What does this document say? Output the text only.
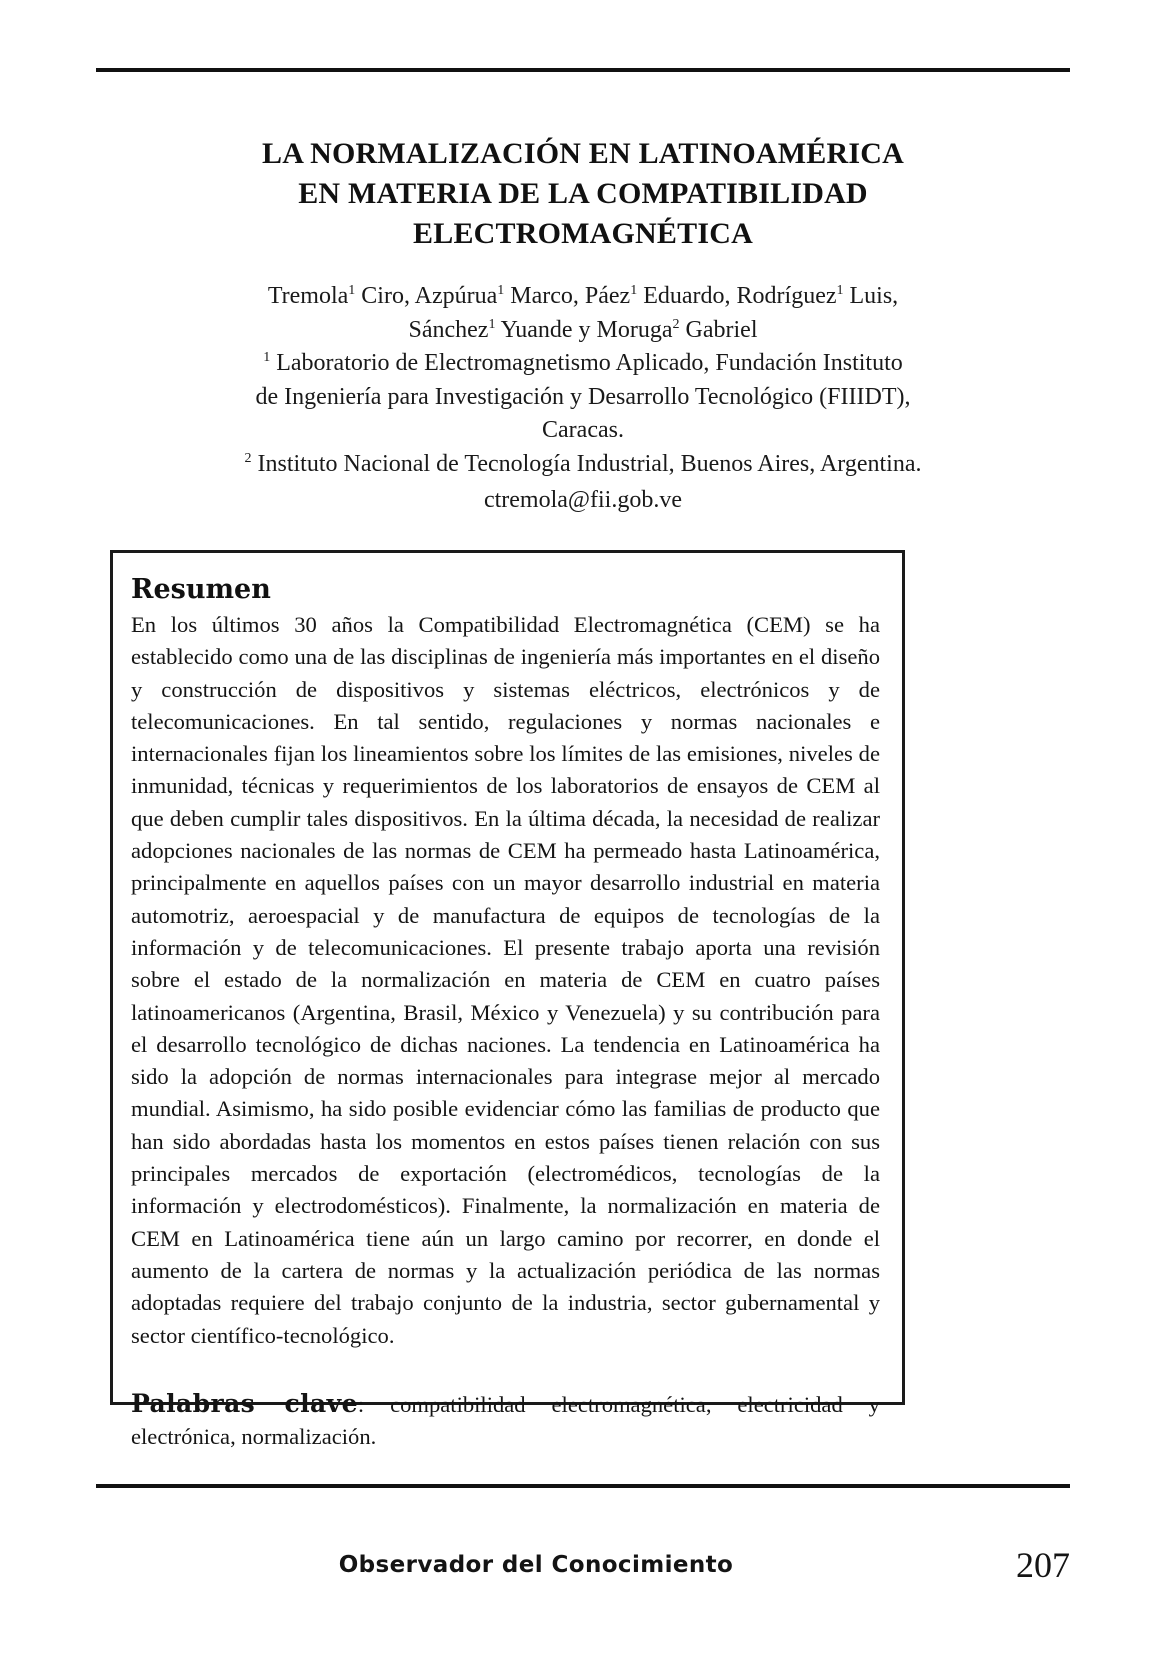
LA NORMALIZACIÓN EN LATINOAMÉRICA
EN MATERIA DE LA COMPATIBILIDAD
ELECTROMAGNÉTICA
Tremola$^1$ Ciro, Azpúrua$^1$ Marco, Páez$^1$ Eduardo, Rodríguez$^1$ Luis,
Sánchez$^1$ Yuande y Moruga$^2$ Gabriel
$^1$ Laboratorio de Electromagnetismo Aplicado, Fundación Instituto
de Ingeniería para Investigación y Desarrollo Tecnológico (FIIIDT),
Caracas.
$^2$ Instituto Nacional de Tecnología Industrial, Buenos Aires, Argentina.
ctremola@fii.gob.ve
Resumen

En los últimos 30 años la Compatibilidad Electromagnética (CEM) se ha establecido como una de las disciplinas de ingeniería más importantes en el diseño y construcción de dispositivos y sistemas eléctricos, electrónicos y de telecomunicaciones. En tal sentido, regulaciones y normas nacionales e internacionales fijan los lineamientos sobre los límites de las emisiones, niveles de inmunidad, técnicas y requerimientos de los laboratorios de ensayos de CEM al que deben cumplir tales dispositivos. En la última década, la necesidad de realizar adopciones nacionales de las normas de CEM ha permeado hasta Latinoamérica, principalmente en aquellos países con un mayor desarrollo industrial en materia automotriz, aeroespacial y de manufactura de equipos de tecnologías de la información y de telecomunicaciones. El presente trabajo aporta una revisión sobre el estado de la normalización en materia de CEM en cuatro países latinoamericanos (Argentina, Brasil, México y Venezuela) y su contribución para el desarrollo tecnológico de dichas naciones. La tendencia en Latinoamérica ha sido la adopción de normas internacionales para integrase mejor al mercado mundial. Asimismo, ha sido posible evidenciar cómo las familias de producto que han sido abordadas hasta los momentos en estos países tienen relación con sus principales mercados de exportación (electromédicos, tecnologías de la información y electrodomésticos). Finalmente, la normalización en materia de CEM en Latinoamérica tiene aún un largo camino por recorrer, en donde el aumento de la cartera de normas y la actualización periódica de las normas adoptadas requiere del trabajo conjunto de la industria, sector gubernamental y sector científico-tecnológico.

Palabras clave: compatibilidad electromagnética, electricidad y electrónica, normalización.
Observador del Conocimiento	207
